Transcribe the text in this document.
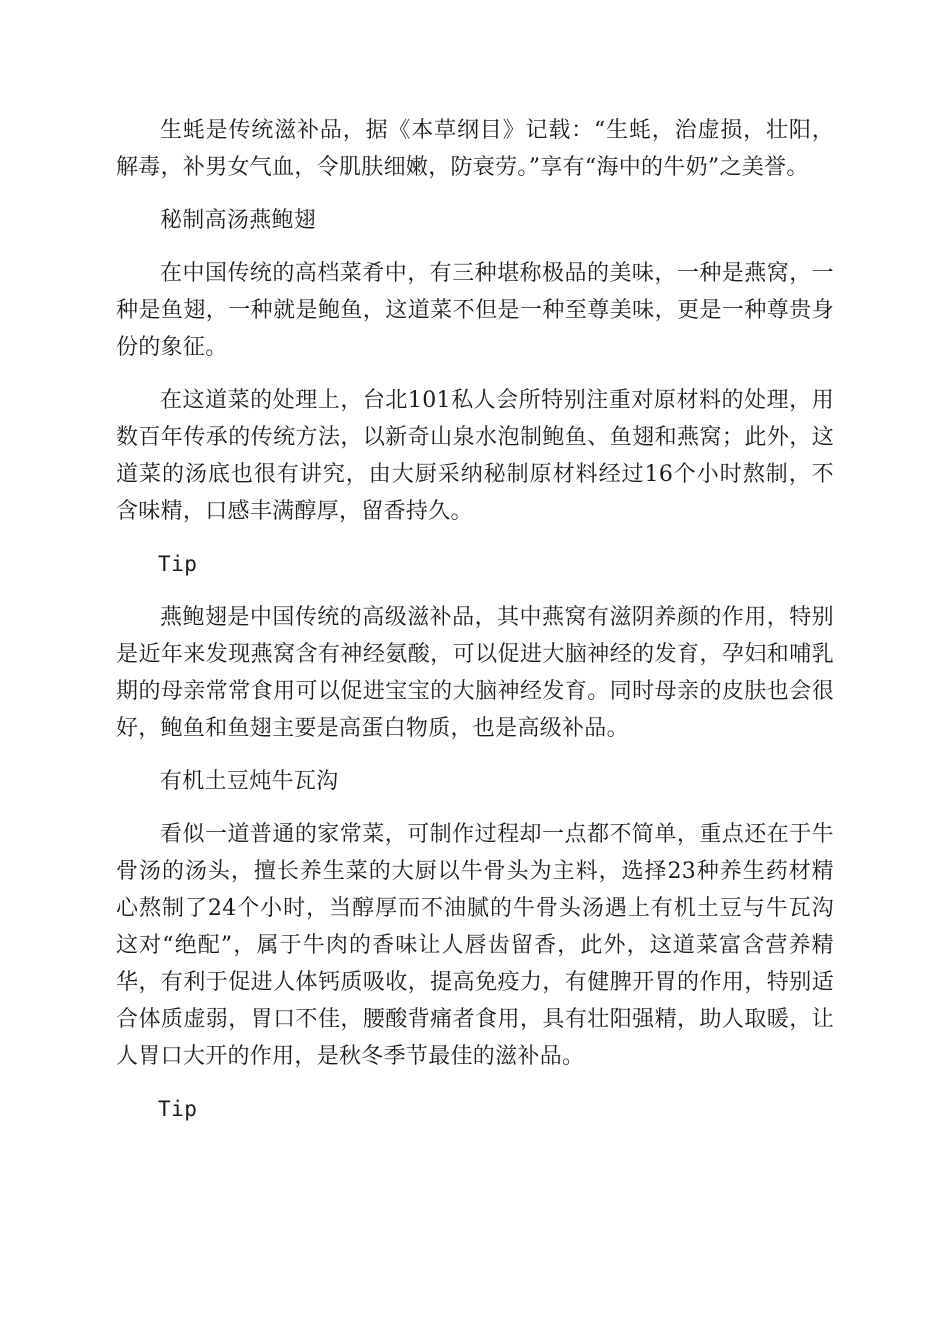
生蚝是传统滋补品，据《本草纲目》记载：“生蚝，治虚损，壮阳，解毒，补男女气血，令肌肤细嫩，防衰劳。”享有“海中的牛奶”之美誉。

秘制高汤燕鲍翅

在中国传统的高档菜肴中，有三种堪称极品的美味，一种是燕窝，一种是鱼翅，一种就是鲍鱼，这道菜不但是一种至尊美味，更是一种尊贵身份的象征。

在这道菜的处理上，台北101私人会所特别注重对原材料的处理，用数百年传承的传统方法，以新奇山泉水泡制鲍鱼、鱼翅和燕窝；此外，这道菜的汤底也很有讲究，由大厨采纳秘制原材料经过16个小时熬制，不含味精，口感丰满醇厚，留香持久。

Tip

燕鲍翅是中国传统的高级滋补品，其中燕窝有滋阴养颜的作用，特别是近年来发现燕窝含有神经氨酸，可以促进大脑神经的发育，孕妇和哺乳期的母亲常常食用可以促进宝宝的大脑神经发育。同时母亲的皮肤也会很好，鲍鱼和鱼翅主要是高蛋白物质，也是高级补品。

有机土豆炖牛瓦沟

看似一道普通的家常菜，可制作过程却一点都不简单，重点还在于牛骨汤的汤头，擅长养生菜的大厨以牛骨头为主料，选择23种养生药材精心熬制了24个小时，当醇厚而不油腻的牛骨头汤遇上有机土豆与牛瓦沟这对“绝配”，属于牛肉的香味让人唇齿留香，此外，这道菜富含营养精华，有利于促进人体钙质吸收，提高免疫力，有健脾开胃的作用，特别适合体质虚弱，胃口不佳，腰酸背痛者食用，具有壮阳强精，助人取暖，让人胃口大开的作用，是秋冬季节最佳的滋补品。

Tip
